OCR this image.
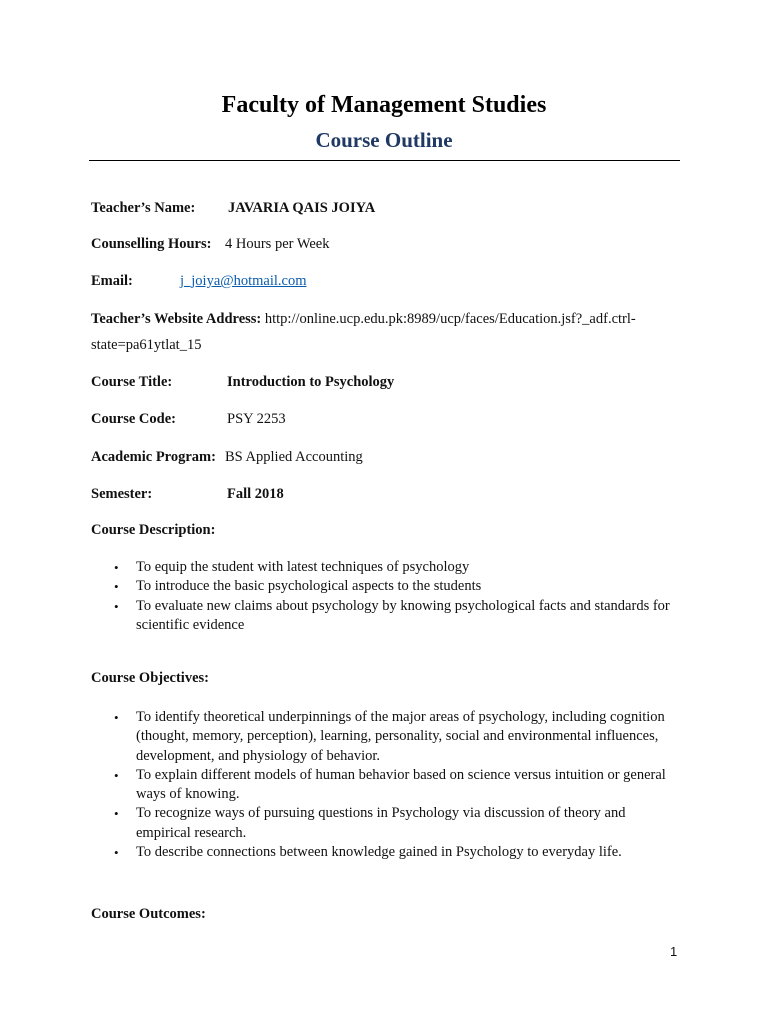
Faculty of Management Studies
Course Outline
Teacher’s Name: JAVARIA QAIS JOIYA
Counselling Hours: 4 Hours per Week
Email:	j_joiya@hotmail.com
Teacher’s Website Address: http://online.ucp.edu.pk:8989/ucp/faces/Education.jsf?_adf.ctrl-
state=pa61ytlat_15
Course Title:	Introduction to Psychology
Course Code:	PSY 2253
Academic Program: BS Applied Accounting
Semester:	Fall 2018
Course Description:
• To equip the student with latest techniques of psychology
• To introduce the basic psychological aspects to the students
• To evaluate new claims about psychology by knowing psychological facts and standards for scientific evidence
Course Objectives:
• To identify theoretical underpinnings of the major areas of psychology, including cognition (thought, memory, perception), learning, personality, social and environmental influences, development, and physiology of behavior.
• To explain different models of human behavior based on science versus intuition or general ways of knowing.
• To recognize ways of pursuing questions in Psychology via discussion of theory and empirical research.
• To describe connections between knowledge gained in Psychology to everyday life.
Course Outcomes:
1
